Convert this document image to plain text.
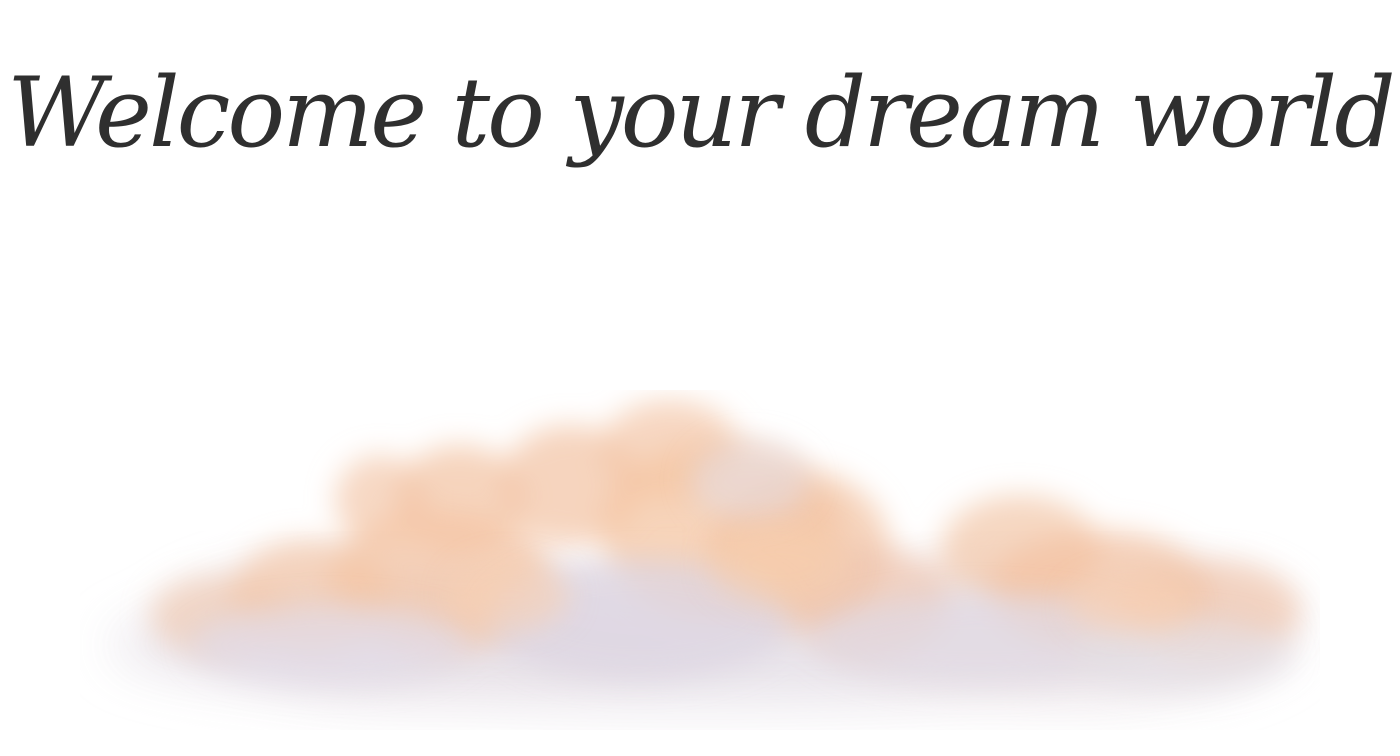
Welcome to your dream world
